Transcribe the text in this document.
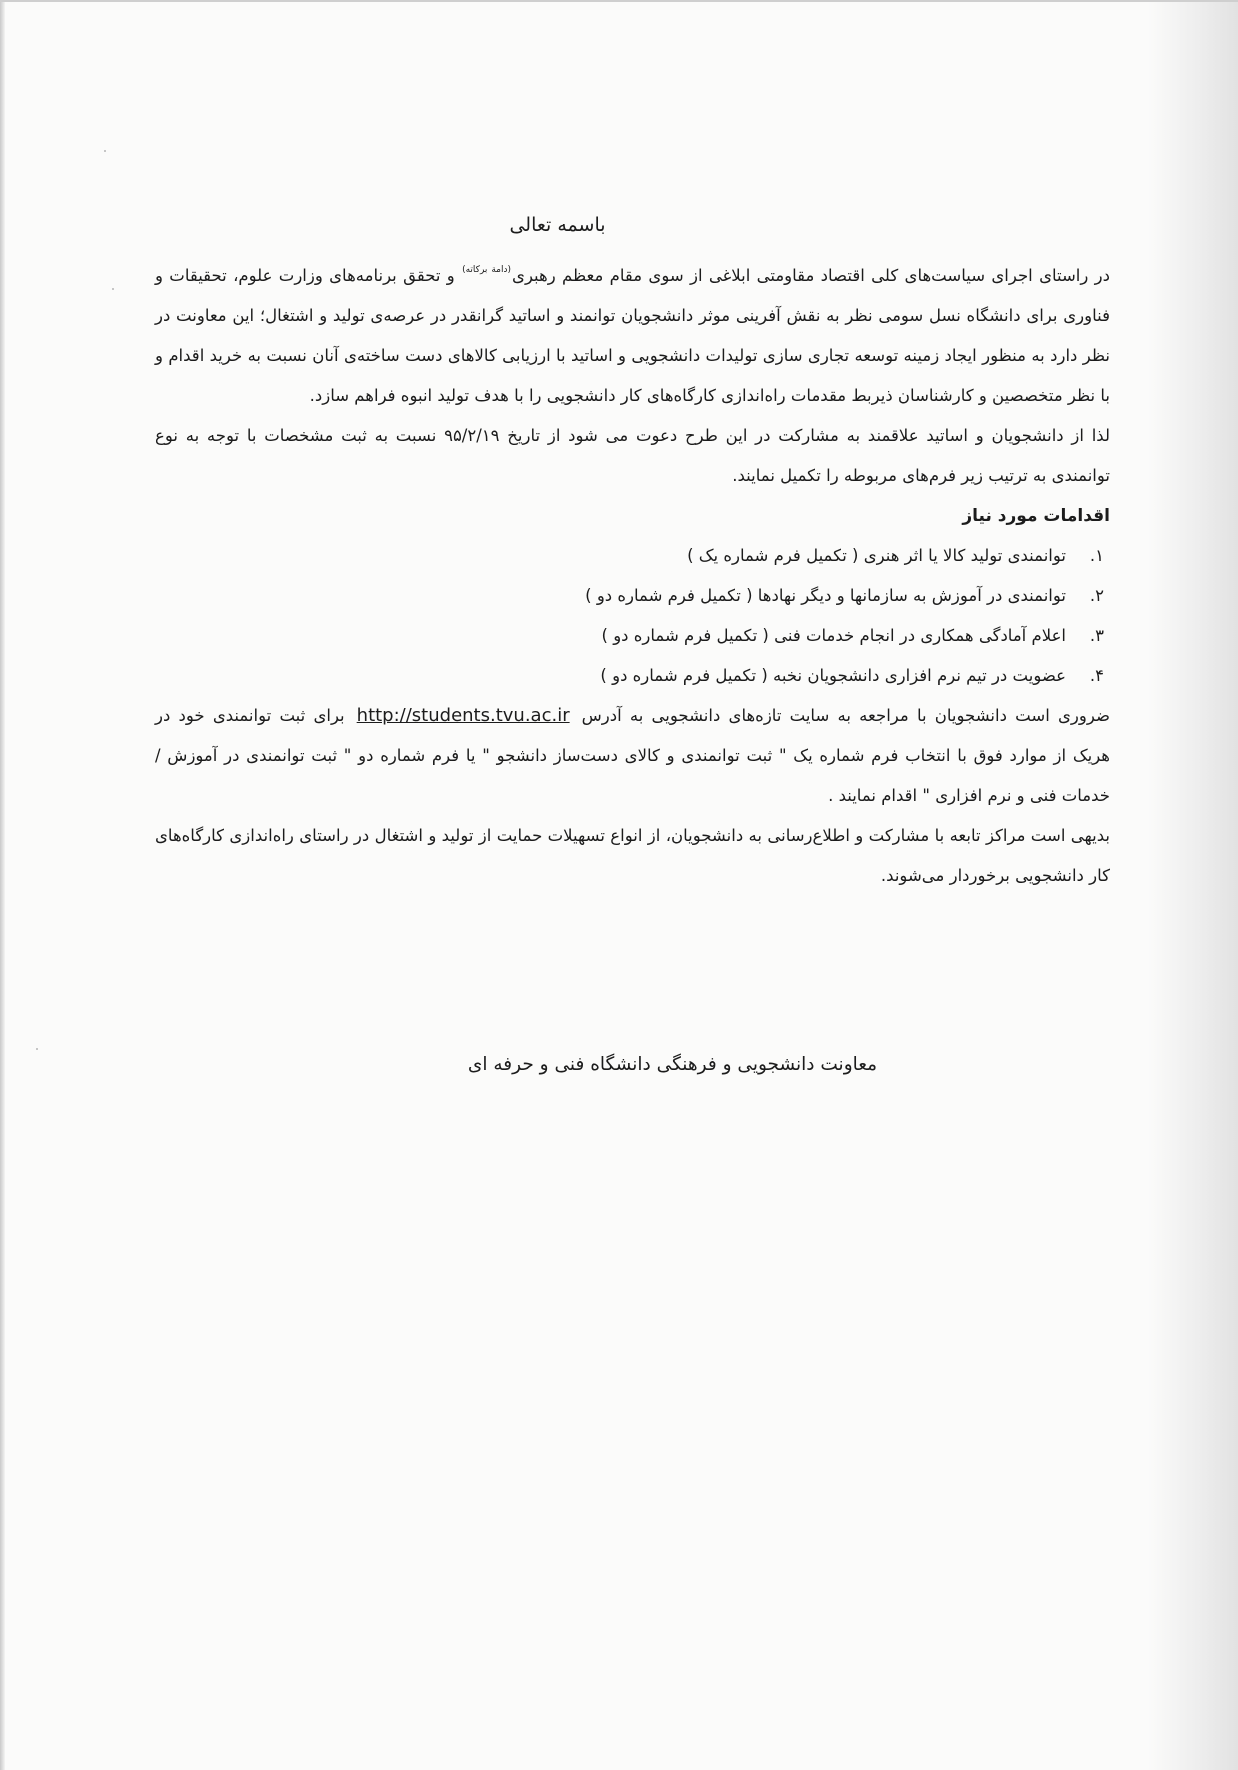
باسمه تعالی

در راستای اجرای سیاست‌های کلی اقتصاد مقاومتی ابلاغی از سوی مقام معظم رهبری$^{(دامة برکاته)}$ و تحقق برنامه‌های وزارت علوم، تحقیقات و فناوری برای دانشگاه نسل سومی نظر به نقش آفرینی موثر دانشجویان توانمند و اساتید گرانقدر در عرصه‌ی تولید و اشتغال؛ این معاونت در نظر دارد به منظور ایجاد زمینه توسعه تجاری سازی تولیدات دانشجویی و اساتید با ارزیابی کالاهای دست ساخته‌ی آنان نسبت به خرید اقدام و با نظر متخصصین و کارشناسان ذیربط مقدمات راه‌اندازی کارگاه‌های کار دانشجویی را با هدف تولید انبوه فراهم سازد.

لذا از دانشجویان و اساتید علاقمند به مشارکت در این طرح دعوت می شود از تاریخ ۹۵/۲/۱۹ نسبت به ثبت مشخصات با توجه به نوع توانمندی به ترتیب زیر فرم‌های مربوطه را تکمیل نمایند.

اقدامات مورد نیاز

۱.
توانمندی تولید کالا یا اثر هنری ( تکمیل فرم شماره یک )
۲.
توانمندی در آموزش به سازمانها و دیگر نهادها ( تکمیل فرم شماره دو )
۳.
اعلام آمادگی همکاری در انجام خدمات فنی ( تکمیل فرم شماره دو )
۴.
عضویت در تیم نرم افزاری دانشجویان نخبه ( تکمیل فرم شماره دو )

ضروری است دانشجویان با مراجعه به سایت تازه‌های دانشجویی به آدرسhttp://students.tvu.ac.irبرای ثبت توانمندی خود در هریک از موارد فوق با انتخاب فرم شماره یک " ثبت توانمندی و کالای دست‌ساز دانشجو " یا فرم شماره دو " ثبت توانمندی در آموزش / خدمات فنی و نرم افزاری " اقدام نمایند .

بدیهی است مراکز تابعه با مشارکت و اطلاع‌رسانی به دانشجویان، از انواع تسهیلات حمایت از تولید و اشتغال در راستای راه‌اندازی کارگاه‌های کار دانشجویی برخوردار می‌شوند.

معاونت دانشجویی و فرهنگی دانشگاه فنی و حرفه ای
